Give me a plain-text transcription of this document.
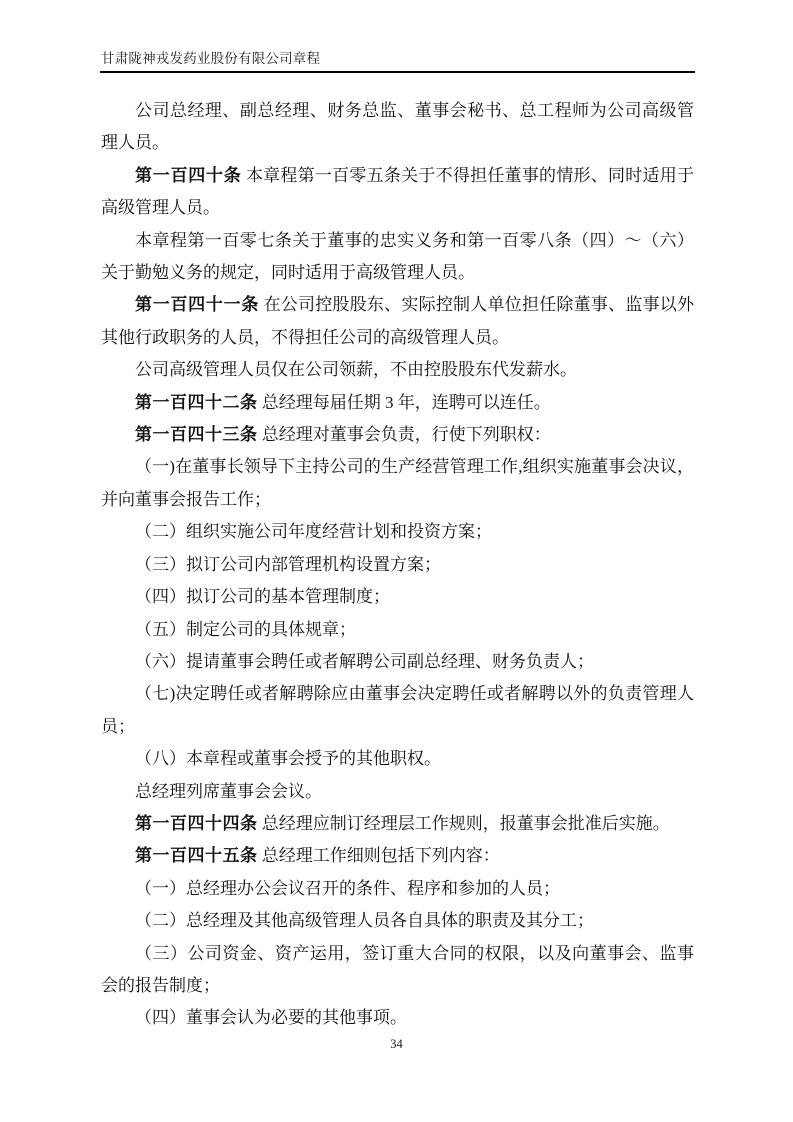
甘肃陇神戎发药业股份有限公司章程

公司总经理、副总经理、财务总监、董事会秘书、总工程师为公司高级管理人员。

第一百四十条 本章程第一百零五条关于不得担任董事的情形、同时适用于高级管理人员。

本章程第一百零七条关于董事的忠实义务和第一百零八条（四）～（六）关于勤勉义务的规定，同时适用于高级管理人员。

第一百四十一条 在公司控股股东、实际控制人单位担任除董事、监事以外其他行政职务的人员，不得担任公司的高级管理人员。

公司高级管理人员仅在公司领薪，不由控股股东代发薪水。

第一百四十二条 总经理每届任期 3 年，连聘可以连任。

第一百四十三条 总经理对董事会负责，行使下列职权：

（一)在董事长领导下主持公司的生产经营管理工作,组织实施董事会决议，并向董事会报告工作；

（二）组织实施公司年度经营计划和投资方案；

（三）拟订公司内部管理机构设置方案；

（四）拟订公司的基本管理制度；

（五）制定公司的具体规章；

（六）提请董事会聘任或者解聘公司副总经理、财务负责人；

（七)决定聘任或者解聘除应由董事会决定聘任或者解聘以外的负责管理人员；

（八）本章程或董事会授予的其他职权。

总经理列席董事会会议。

第一百四十四条 总经理应制订经理层工作规则，报董事会批准后实施。

第一百四十五条 总经理工作细则包括下列内容：

（一）总经理办公会议召开的条件、程序和参加的人员；

（二）总经理及其他高级管理人员各自具体的职责及其分工；

（三）公司资金、资产运用，签订重大合同的权限，以及向董事会、监事会的报告制度；

（四）董事会认为必要的其他事项。

34
